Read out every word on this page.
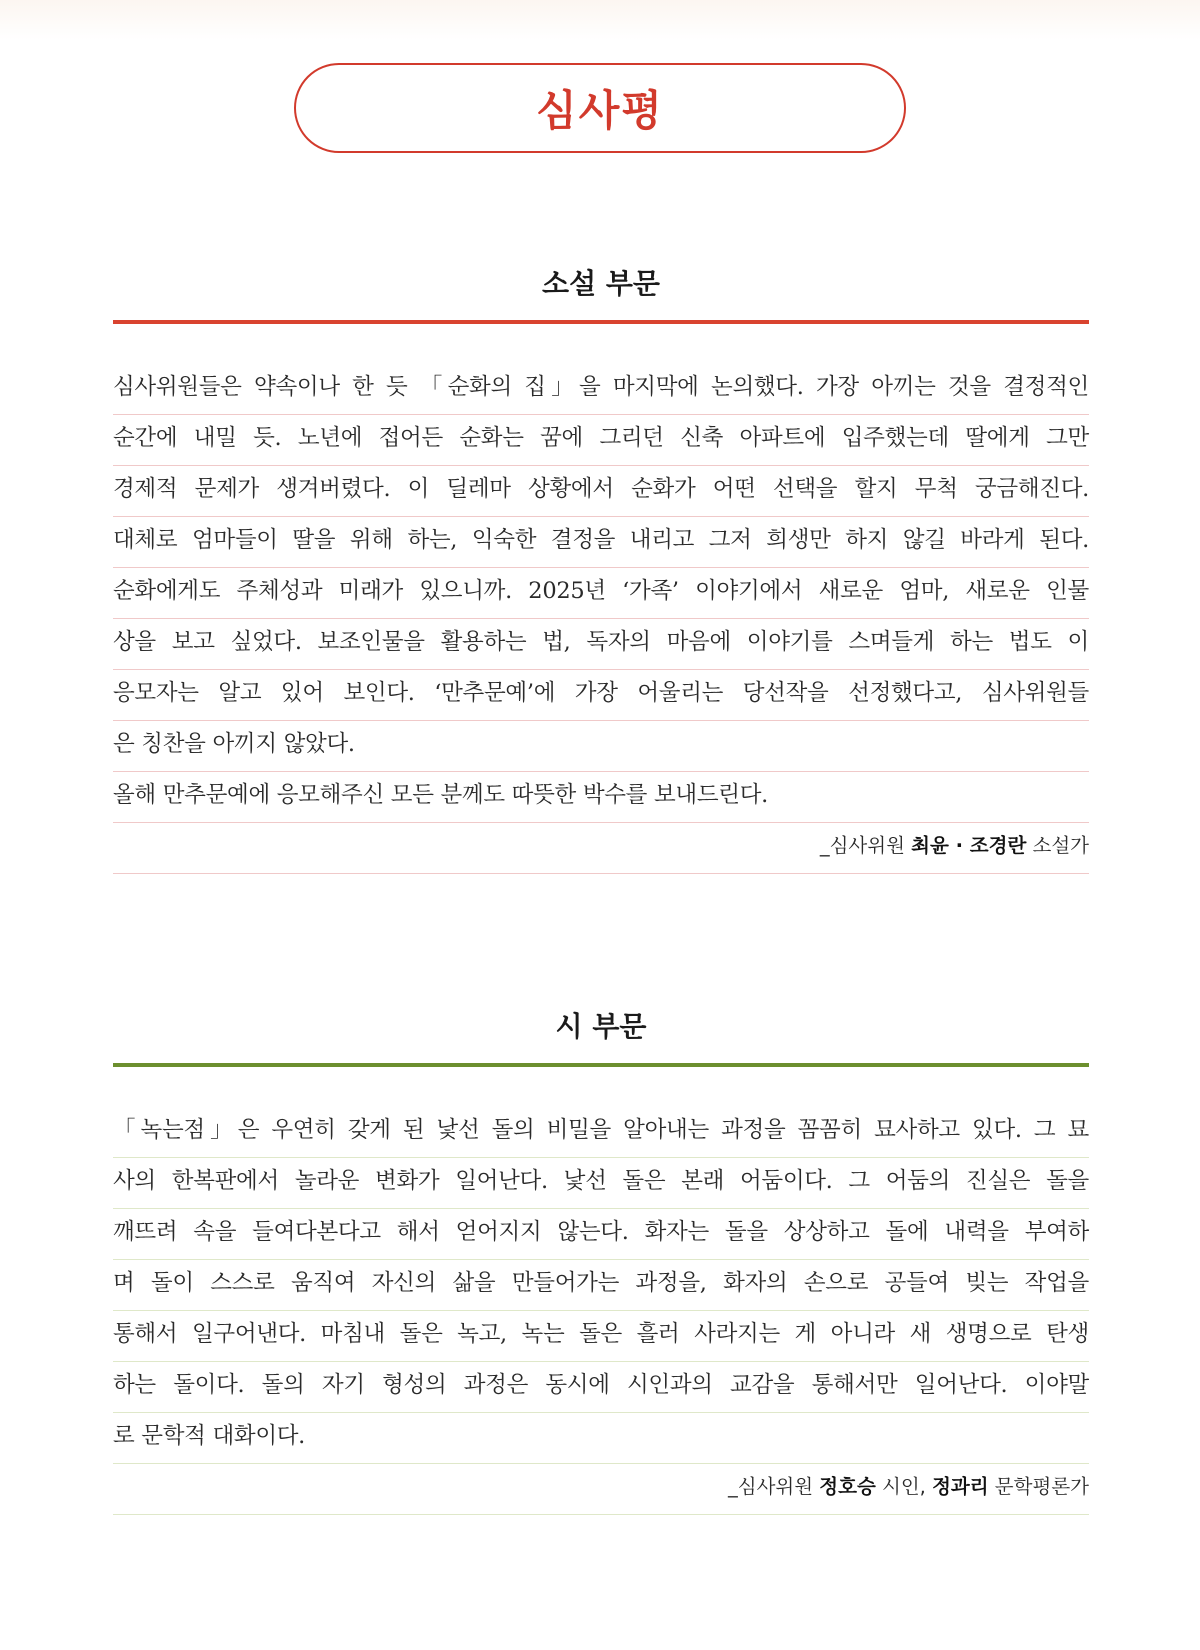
심사평
소설 부문
심사위원들은 약속이나 한 듯 「순화의 집」을 마지막에 논의했다. 가장 아끼는 것을 결정적인
순간에 내밀 듯. 노년에 접어든 순화는 꿈에 그리던 신축 아파트에 입주했는데 딸에게 그만
경제적 문제가 생겨버렸다. 이 딜레마 상황에서 순화가 어떤 선택을 할지 무척 궁금해진다.
대체로 엄마들이 딸을 위해 하는, 익숙한 결정을 내리고 그저 희생만 하지 않길 바라게 된다.
순화에게도 주체성과 미래가 있으니까. 2025년 ‘가족’ 이야기에서 새로운 엄마, 새로운 인물
상을 보고 싶었다. 보조인물을 활용하는 법, 독자의 마음에 이야기를 스며들게 하는 법도 이
응모자는 알고 있어 보인다. ‘만추문예’에 가장 어울리는 당선작을 선정했다고, 심사위원들
은 칭찬을 아끼지 않았다.
올해 만추문예에 응모해주신 모든 분께도 따뜻한 박수를 보내드린다.
_심사위원 최윤 · 조경란 소설가
시 부문
「녹는점」은 우연히 갖게 된 낯선 돌의 비밀을 알아내는 과정을 꼼꼼히 묘사하고 있다. 그 묘
사의 한복판에서 놀라운 변화가 일어난다. 낯선 돌은 본래 어둠이다. 그 어둠의 진실은 돌을
깨뜨려 속을 들여다본다고 해서 얻어지지 않는다. 화자는 돌을 상상하고 돌에 내력을 부여하
며 돌이 스스로 움직여 자신의 삶을 만들어가는 과정을, 화자의 손으로 공들여 빚는 작업을
통해서 일구어낸다. 마침내 돌은 녹고, 녹는 돌은 흘러 사라지는 게 아니라 새 생명으로 탄생
하는 돌이다. 돌의 자기 형성의 과정은 동시에 시인과의 교감을 통해서만 일어난다. 이야말
로 문학적 대화이다.
_심사위원 정호승 시인, 정과리 문학평론가
